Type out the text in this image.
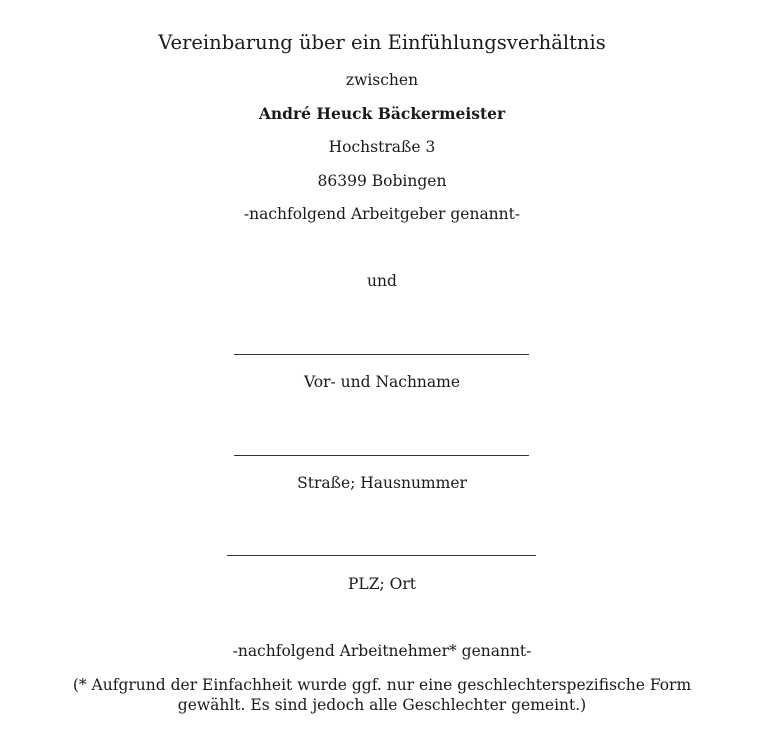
Vereinbarung über ein Einfühlungsverhältnis
zwischen
André Heuck Bäckermeister
Hochstraße 3
86399 Bobingen
-nachfolgend Arbeitgeber genannt-
und
Vor- und Nachname
Straße; Hausnummer
PLZ; Ort
-nachfolgend Arbeitnehmer* genannt-
(* Aufgrund der Einfachheit wurde ggf. nur eine geschlechterspezifische Form gewählt. Es sind jedoch alle Geschlechter gemeint.)
